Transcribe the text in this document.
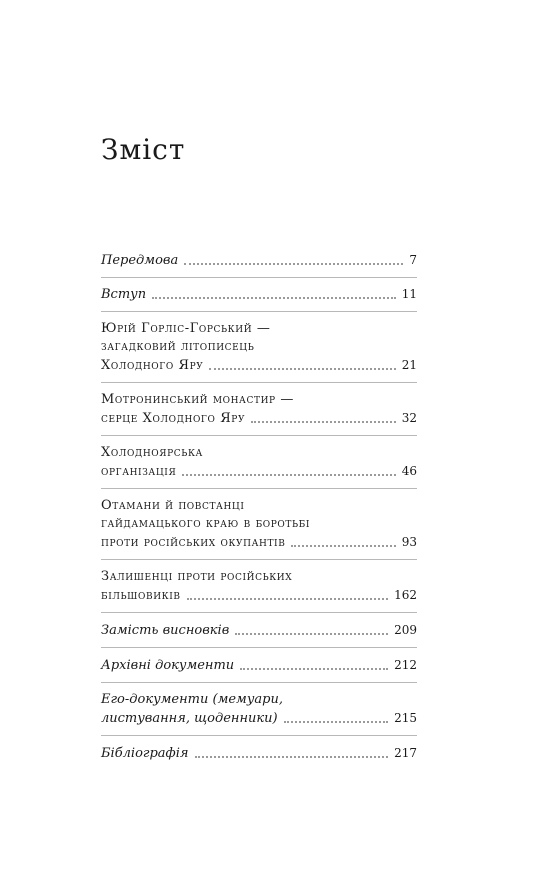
Зміст
Передмова	7
Вступ	11
Юрій Горліс-Горський —
загадковий літописець
Холодного Яру	21
Мотронинський монастир —
серце Холодного Яру	32
Холодноярська
організація	46
Отамани й повстанці
гайдамацького краю в боротьбі
проти російських окупантів	93
Залишенці проти російських
більшовиків	162
Замість висновків	209
Архівні документи	212
Его-документи (мемуари,
листування, щоденники)	215
Бібліографія	217
